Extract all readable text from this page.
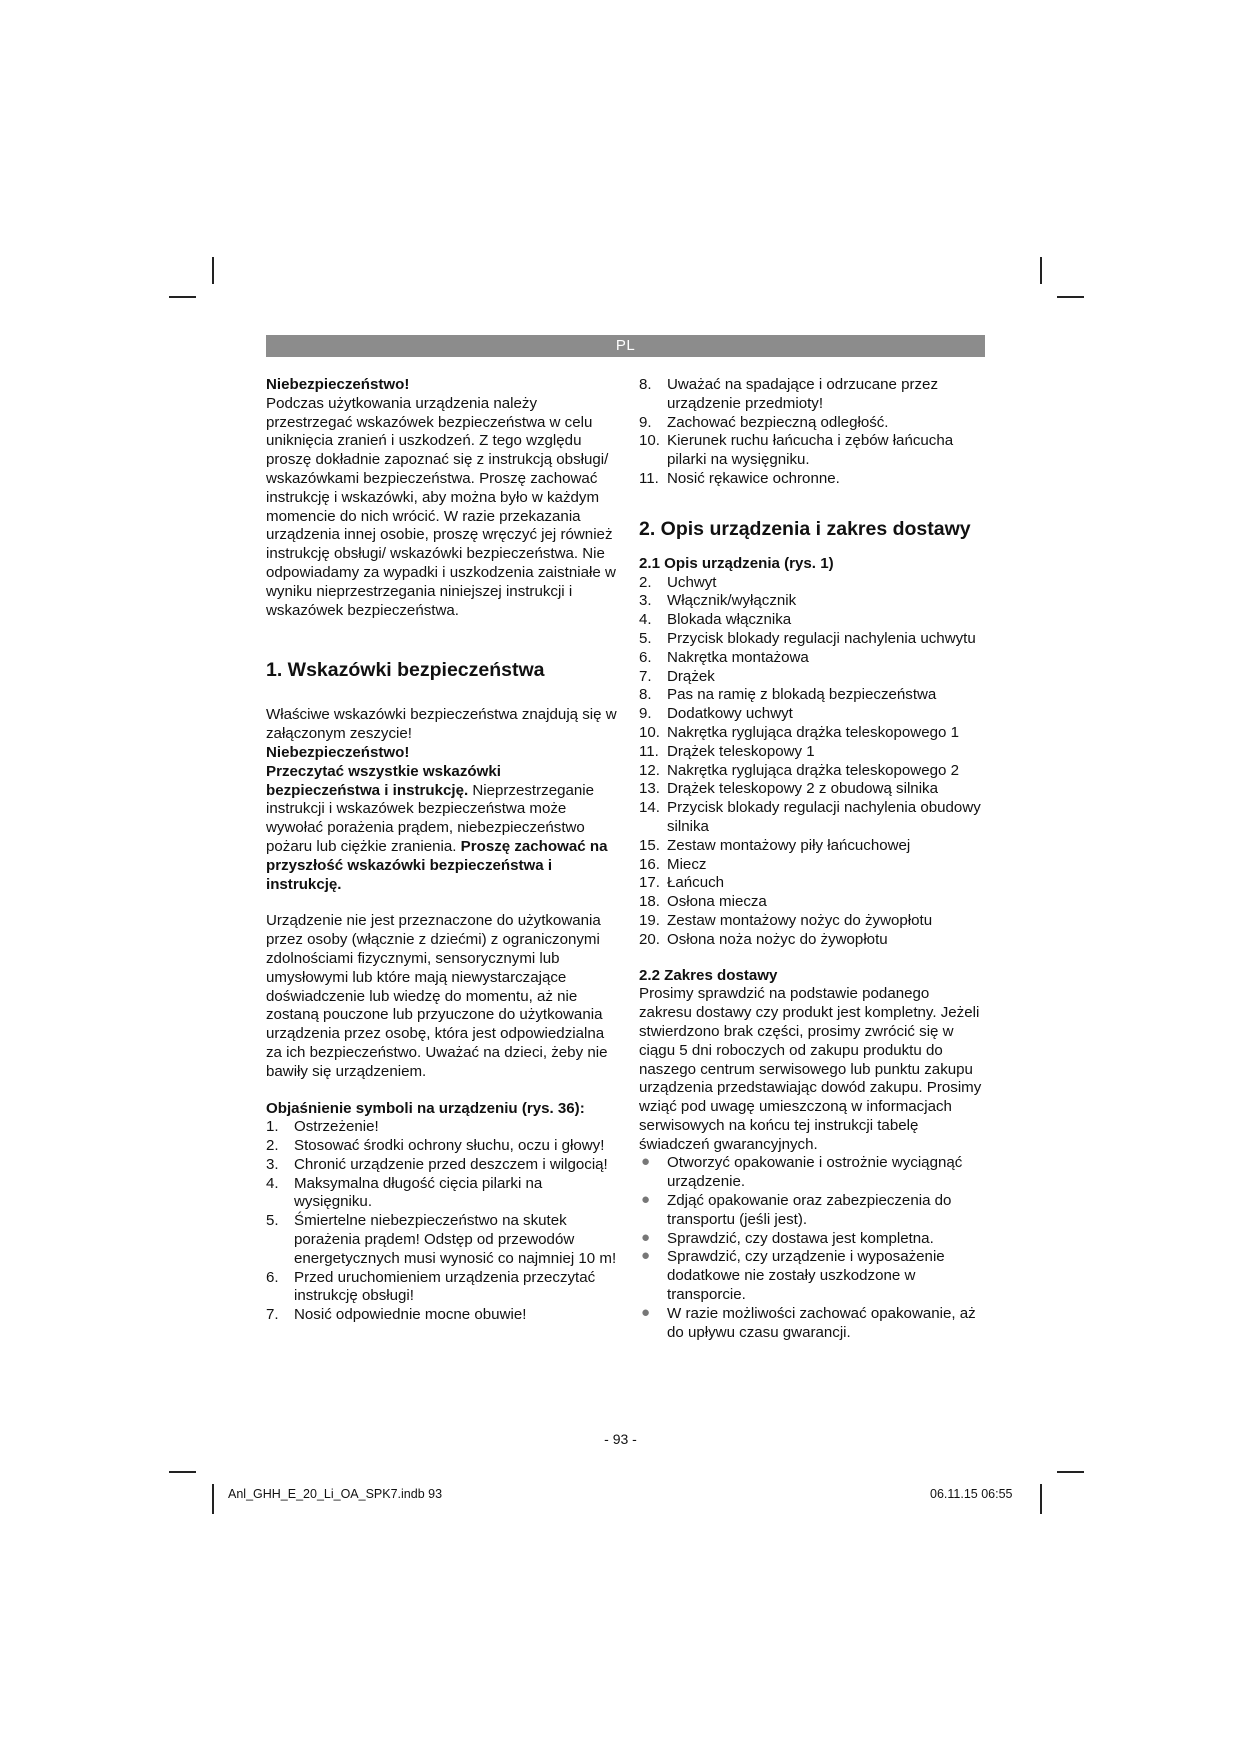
PL

Niebezpieczeństwo!

Podczas użytkowania urządzenia należy przestrzegać wskazówek bezpieczeństwa w celu uniknięcia zranień i uszkodzeń. Z tego względu proszę dokładnie zapoznać się z instrukcją obsługi/ wskazówkami bezpieczeństwa. Proszę zachować instrukcję i wskazówki, aby można było w każdym momencie do nich wrócić. W razie przekazania urządzenia innej osobie, proszę wręczyć jej również instrukcję obsługi/ wskazówki bezpieczeństwa. Nie odpowiadamy za wypadki i uszkodzenia zaistniałe w wyniku nieprzestrzegania niniejszej instrukcji i wskazówek bezpieczeństwa.

1. Wskazówki bezpieczeństwa

Właściwe wskazówki bezpieczeństwa znajdują się w załączonym zeszycie!

Niebezpieczeństwo!

Przeczytać wszystkie wskazówki bezpieczeństwa i instrukcję. Nieprzestrzeganie instrukcji i wskazówek bezpieczeństwa może wywołać porażenia prądem, niebezpieczeństwo pożaru lub ciężkie zranienia. Proszę zachować na przyszłość wskazówki bezpieczeństwa i instrukcję.

Urządzenie nie jest przeznaczone do użytkowania przez osoby (włącznie z dziećmi) z ograniczonymi zdolnościami fizycznymi, sensorycznymi lub umysłowymi lub które mają niewystarczające doświadczenie lub wiedzę do momentu, aż nie zostaną pouczone lub przyuczone do użytkowania urządzenia przez osobę, która jest odpowiedzialna za ich bezpieczeństwo. Uważać na dzieci, żeby nie bawiły się urządzeniem.

Objaśnienie symboli na urządzeniu (rys. 36):

1. Ostrzeżenie!
2. Stosować środki ochrony słuchu, oczu i głowy!
3. Chronić urządzenie przed deszczem i wilgocią!
4. Maksymalna długość cięcia pilarki na wysięgniku.
5. Śmiertelne niebezpieczeństwo na skutek porażenia prądem! Odstęp od przewodów energetycznych musi wynosić co najmniej 10 m!
6. Przed uruchomieniem urządzenia przeczytać instrukcję obsługi!
7. Nosić odpowiednie mocne obuwie!
8. Uważać na spadające i odrzucane przez urządzenie przedmioty!
9. Zachować bezpieczną odległość.
10. Kierunek ruchu łańcucha i zębów łańcucha pilarki na wysięgniku.
11. Nosić rękawice ochronne.

2. Opis urządzenia i zakres dostawy

2.1 Opis urządzenia (rys. 1)

2. Uchwyt
3. Włącznik/wyłącznik
4. Blokada włącznika
5. Przycisk blokady regulacji nachylenia uchwytu
6. Nakrętka montażowa
7. Drążek
8. Pas na ramię z blokadą bezpieczeństwa
9. Dodatkowy uchwyt
10. Nakrętka ryglująca drążka teleskopowego 1
11. Drążek teleskopowy 1
12. Nakrętka ryglująca drążka teleskopowego 2
13. Drążek teleskopowy 2 z obudową silnika
14. Przycisk blokady regulacji nachylenia obudowy silnika
15. Zestaw montażowy piły łańcuchowej
16. Miecz
17. Łańcuch
18. Osłona miecza
19. Zestaw montażowy nożyc do żywopłotu
20. Osłona noża nożyc do żywopłotu

2.2 Zakres dostawy

Prosimy sprawdzić na podstawie podanego zakresu dostawy czy produkt jest kompletny. Jeżeli stwierdzono brak części, prosimy zwrócić się w ciągu 5 dni roboczych od zakupu produktu do naszego centrum serwisowego lub punktu zakupu urządzenia przedstawiając dowód zakupu. Prosimy wziąć pod uwagę umieszczoną w informacjach serwisowych na końcu tej instrukcji tabelę świadczeń gwarancyjnych.

● Otworzyć opakowanie i ostrożnie wyciągnąć urządzenie.
● Zdjąć opakowanie oraz zabezpieczenia do transportu (jeśli jest).
● Sprawdzić, czy dostawa jest kompletna.
● Sprawdzić, czy urządzenie i wyposażenie dodatkowe nie zostały uszkodzone w transporcie.
● W razie możliwości zachować opakowanie, aż do upływu czasu gwarancji.
- 93 -
Anl_GHH_E_20_Li_OA_SPK7.indb 93	06.11.15 06:55
